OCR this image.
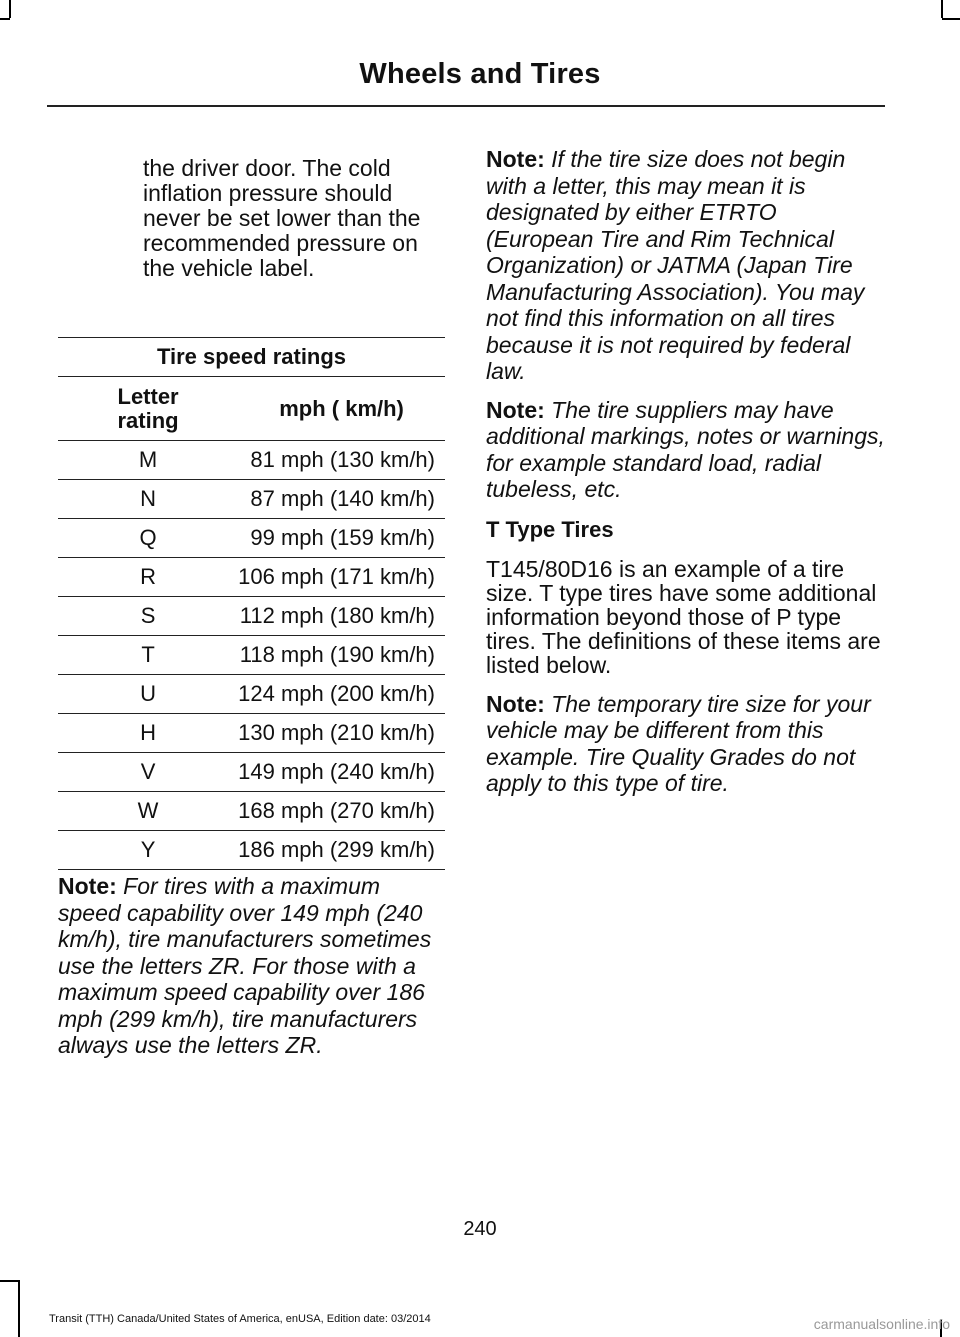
Wheels and Tires
the driver door. The cold inflation pressure should never be set lower than the recommended pressure on the vehicle label.
Tire speed ratings	
Letter rating	mph ( km/h)
M	81 mph (130 km/h)
N	87 mph (140 km/h)
Q	99 mph (159 km/h)
R	106 mph (171 km/h)
S	112 mph (180 km/h)
T	118 mph (190 km/h)
U	124 mph (200 km/h)
H	130 mph (210 km/h)
V	149 mph (240 km/h)
W	168 mph (270 km/h)
Y	186 mph (299 km/h)

Note: For tires with a maximum speed capability over 149 mph (240 km/h), tire manufacturers sometimes use the letters ZR. For those with a maximum speed capability over 186 mph (299 km/h), tire manufacturers always use the letters ZR.

Note: If the tire size does not begin with a letter, this may mean it is designated by either ETRTO (European Tire and Rim Technical Organization) or JATMA (Japan Tire Manufacturing Association). You may not find this information on all tires because it is not required by federal law.

Note: The tire suppliers may have additional markings, notes or warnings, for example standard load, radial tubeless, etc.

T Type Tires

T145/80D16 is an example of a tire size. T type tires have some additional information beyond those of P type tires. The definitions of these items are listed below.

Note: The temporary tire size for your vehicle may be different from this example. Tire Quality Grades do not apply to this type of tire.

240
Transit (TTH) Canada/United States of America, enUSA, Edition date: 03/2014	carmanualsonline.info
